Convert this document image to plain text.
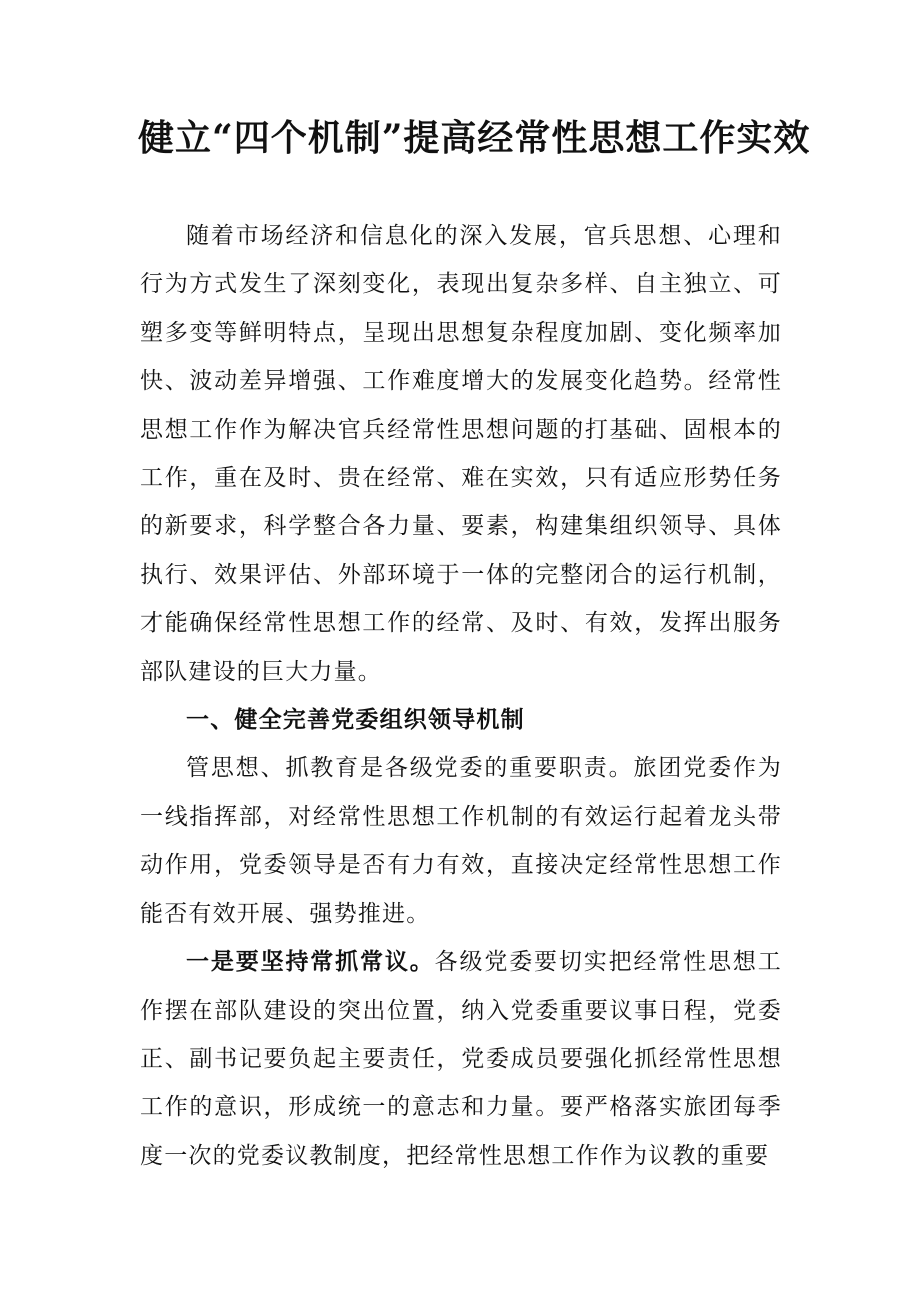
健立“四个机制”提高经常性思想工作实效

随着市场经济和信息化的深入发展，官兵思想、心理和行为方式发生了深刻变化，表现出复杂多样、自主独立、可塑多变等鲜明特点，呈现出思想复杂程度加剧、变化频率加快、波动差异增强、工作难度增大的发展变化趋势。经常性思想工作作为解决官兵经常性思想问题的打基础、固根本的工作，重在及时、贵在经常、难在实效，只有适应形势任务的新要求，科学整合各力量、要素，构建集组织领导、具体执行、效果评估、外部环境于一体的完整闭合的运行机制，才能确保经常性思想工作的经常、及时、有效，发挥出服务部队建设的巨大力量。

一、健全完善党委组织领导机制

管思想、抓教育是各级党委的重要职责。旅团党委作为一线指挥部，对经常性思想工作机制的有效运行起着龙头带动作用，党委领导是否有力有效，直接决定经常性思想工作能否有效开展、强势推进。

一是要坚持常抓常议。各级党委要切实把经常性思想工作摆在部队建设的突出位置，纳入党委重要议事日程，党委正、副书记要负起主要责任，党委成员要强化抓经常性思想工作的意识，形成统一的意志和力量。要严格落实旅团每季度一次的党委议教制度，把经常性思想工作作为议教的重要
